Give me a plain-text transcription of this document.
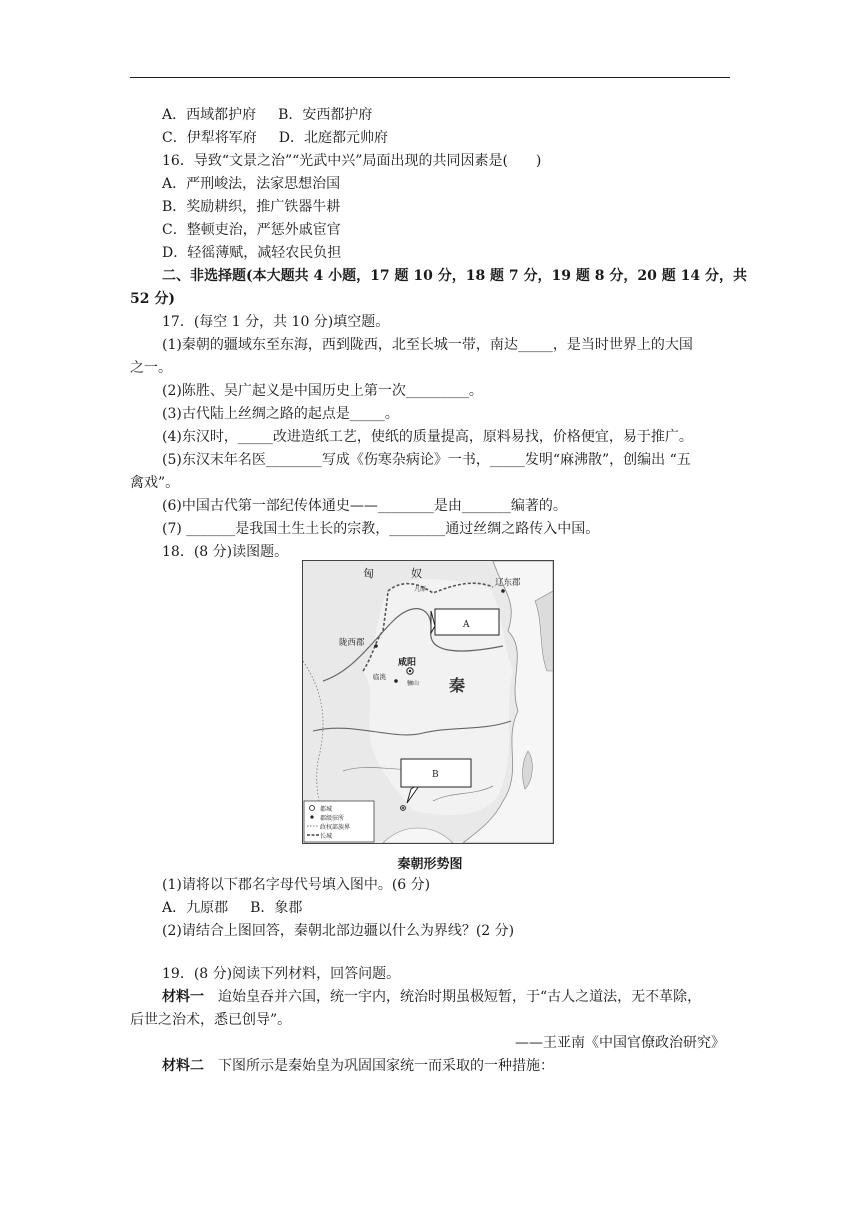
A．西域都护府 B．安西都护府
C．伊犁将军府 D．北庭都元帅府
16．导致“文景之治”“光武中兴”局面出现的共同因素是(　　)
A．严刑峻法，法家思想治国
B．奖励耕织，推广铁器牛耕
C．整顿吏治，严惩外戚宦官
D．轻徭薄赋，减轻农民负担
二、非选择题(本大题共 4 小题，17 题 10 分，18 题 7 分，19 题 8 分，20 题 14 分，共
52 分)
17．(每空 1 分，共 10 分)填空题。
(1)秦朝的疆域东至东海，西到陇西，北至长城一带，南达_____，是当时世界上的大国
之一。
(2)陈胜、吴广起义是中国历史上第一次_________。
(3)古代陆上丝绸之路的起点是_____。
(4)东汉时，_____改进造纸工艺，使纸的质量提高，原料易找，价格便宜，易于推广。
(5)东汉末年名医________写成《伤寒杂病论》一书，_____发明“麻沸散”，创编出 “五
禽戏”。
(6)中国古代第一部纪传体通史——________是由_______编著的。
(7) _______是我国土生土长的宗教，________通过丝绸之路传入中国。
18．(8 分)读图题。
匈	奴
九原
辽东郡
陇西郡
咸阳
临洮
骊山 秦
A
B
都城
郡级驻所
政权部族界
长城
秦朝形势图
(1)请将以下郡名字母代号填入图中。(6 分)
A．九原郡 B．象郡
(2)请结合上图回答，秦朝北部边疆以什么为界线？(2 分)
19．(8 分)阅读下列材料，回答问题。
材料一　迨始皇吞并六国，统一宇内，统治时期虽极短暂，于“古人之道法，无不革除，
后世之治术，悉已创导”。
——王亚南《中国官僚政治研究》
材料二　下图所示是秦始皇为巩固国家统一而采取的一种措施：
